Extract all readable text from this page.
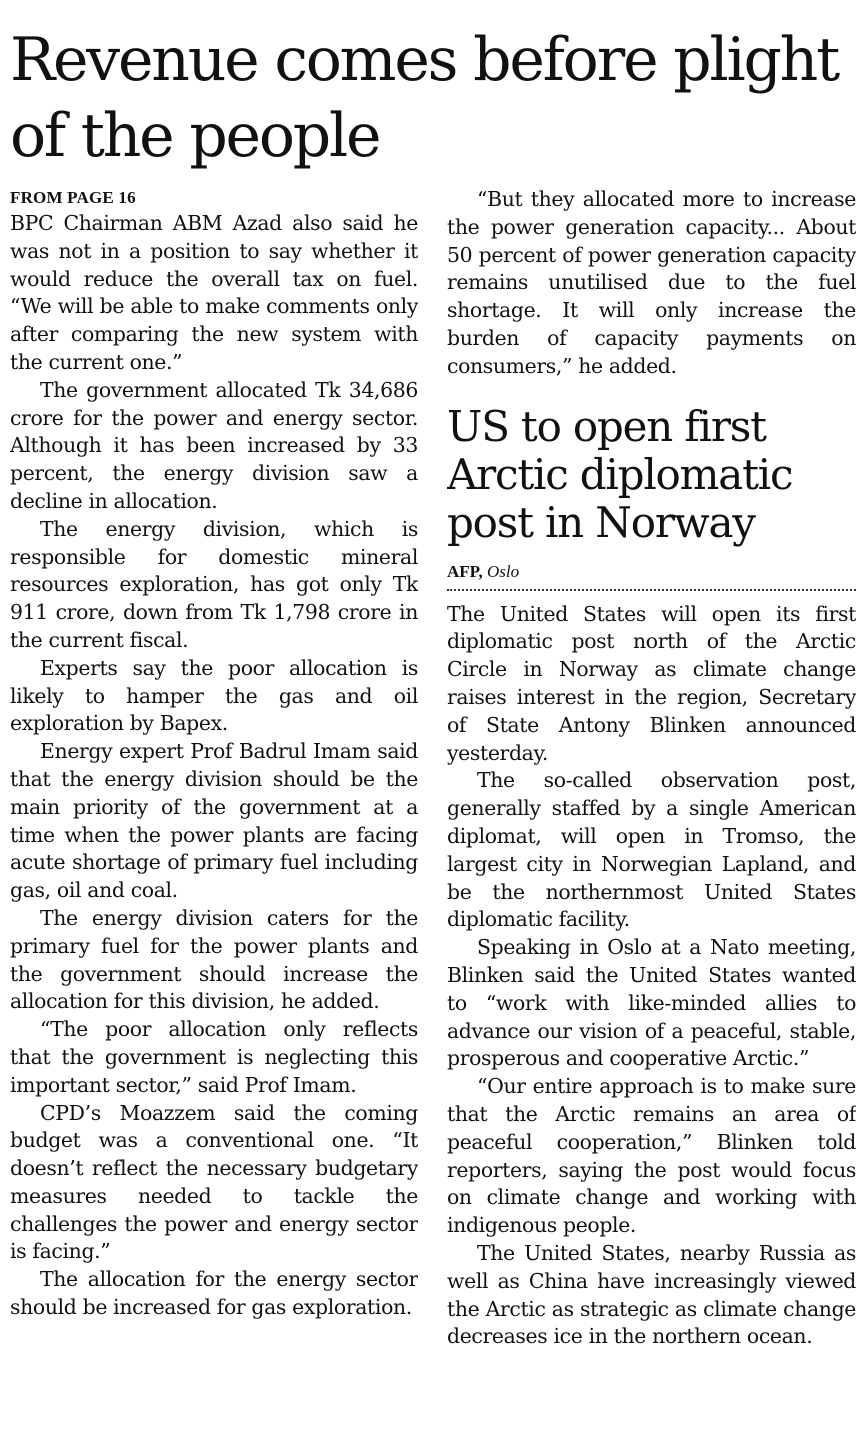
Revenue comes before plight of the people
FROM PAGE 16

BPC Chairman ABM Azad also said he was not in a position to say whether it would reduce the overall tax on fuel. “We will be able to make comments only after comparing the new system with the current one.”

The government allocated Tk 34,686 crore for the power and energy sector. Although it has been increased by 33 percent, the energy division saw a decline in allocation.

The energy division, which is responsible for domestic mineral resources exploration, has got only Tk 911 crore, down from Tk 1,798 crore in the current fiscal.

Experts say the poor allocation is likely to hamper the gas and oil exploration by Bapex.

Energy expert Prof Badrul Imam said that the energy division should be the main priority of the government at a time when the power plants are facing acute shortage of primary fuel including gas, oil and coal.

The energy division caters for the primary fuel for the power plants and the government should increase the allocation for this division, he added.

“The poor allocation only reflects that the government is neglecting this important sector,” said Prof Imam.

CPD’s Moazzem said the coming budget was a conventional one. “It doesn’t reflect the necessary budgetary measures needed to tackle the challenges the power and energy sector is facing.”

The allocation for the energy sector should be increased for gas exploration.

“But they allocated more to increase the power generation capacity... About 50 percent of power generation capacity remains unutilised due to the fuel shortage. It will only increase the burden of capacity payments on consumers,” he added.

US to open first Arctic diplomatic post in Norway
AFP, Oslo

The United States will open its first diplomatic post north of the Arctic Circle in Norway as climate change raises interest in the region, Secretary of State Antony Blinken announced yesterday.

The so-called observation post, generally staffed by a single American diplomat, will open in Tromso, the largest city in Norwegian Lapland, and be the northernmost United States diplomatic facility.

Speaking in Oslo at a Nato meeting, Blinken said the United States wanted to “work with like-minded allies to advance our vision of a peaceful, stable, prosperous and cooperative Arctic.”

“Our entire approach is to make sure that the Arctic remains an area of peaceful cooperation,” Blinken told reporters, saying the post would focus on climate change and working with indigenous people.

The United States, nearby Russia as well as China have increasingly viewed the Arctic as strategic as climate change decreases ice in the northern ocean.
